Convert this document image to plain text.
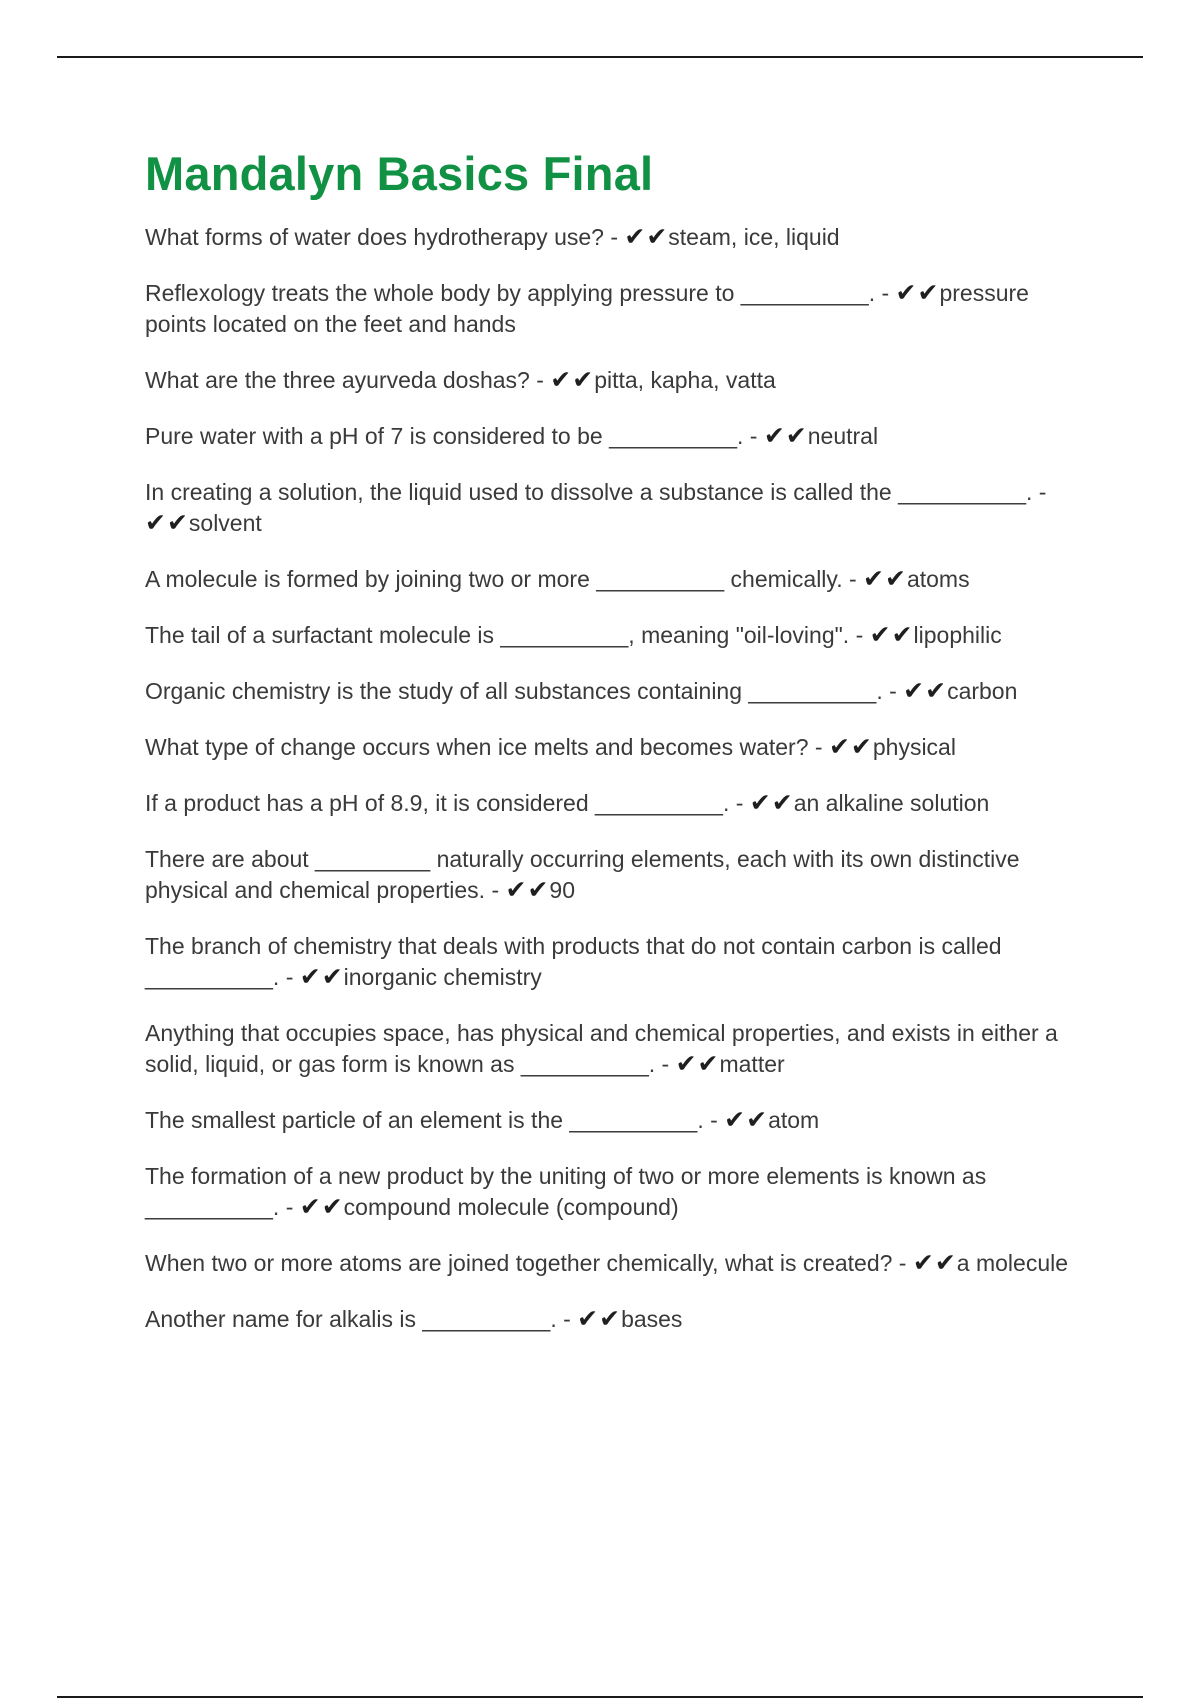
Mandalyn Basics Final
What forms of water does hydrotherapy use? - ✔✔steam, ice, liquid
Reflexology treats the whole body by applying pressure to __________. - ✔✔pressure points located on the feet and hands
What are the three ayurveda doshas? - ✔✔pitta, kapha, vatta
Pure water with a pH of 7 is considered to be __________. - ✔✔neutral
In creating a solution, the liquid used to dissolve a substance is called the __________. - ✔✔solvent
A molecule is formed by joining two or more __________ chemically. - ✔✔atoms
The tail of a surfactant molecule is __________, meaning "oil-loving". - ✔✔lipophilic
Organic chemistry is the study of all substances containing __________. - ✔✔carbon
What type of change occurs when ice melts and becomes water? - ✔✔physical
If a product has a pH of 8.9, it is considered __________. - ✔✔an alkaline solution
There are about _________ naturally occurring elements, each with its own distinctive physical and chemical properties. - ✔✔90
The branch of chemistry that deals with products that do not contain carbon is called __________. - ✔✔inorganic chemistry
Anything that occupies space, has physical and chemical properties, and exists in either a solid, liquid, or gas form is known as __________. - ✔✔matter
The smallest particle of an element is the __________. - ✔✔atom
The formation of a new product by the uniting of two or more elements is known as __________. - ✔✔compound molecule (compound)
When two or more atoms are joined together chemically, what is created? - ✔✔a molecule
Another name for alkalis is __________. - ✔✔bases
